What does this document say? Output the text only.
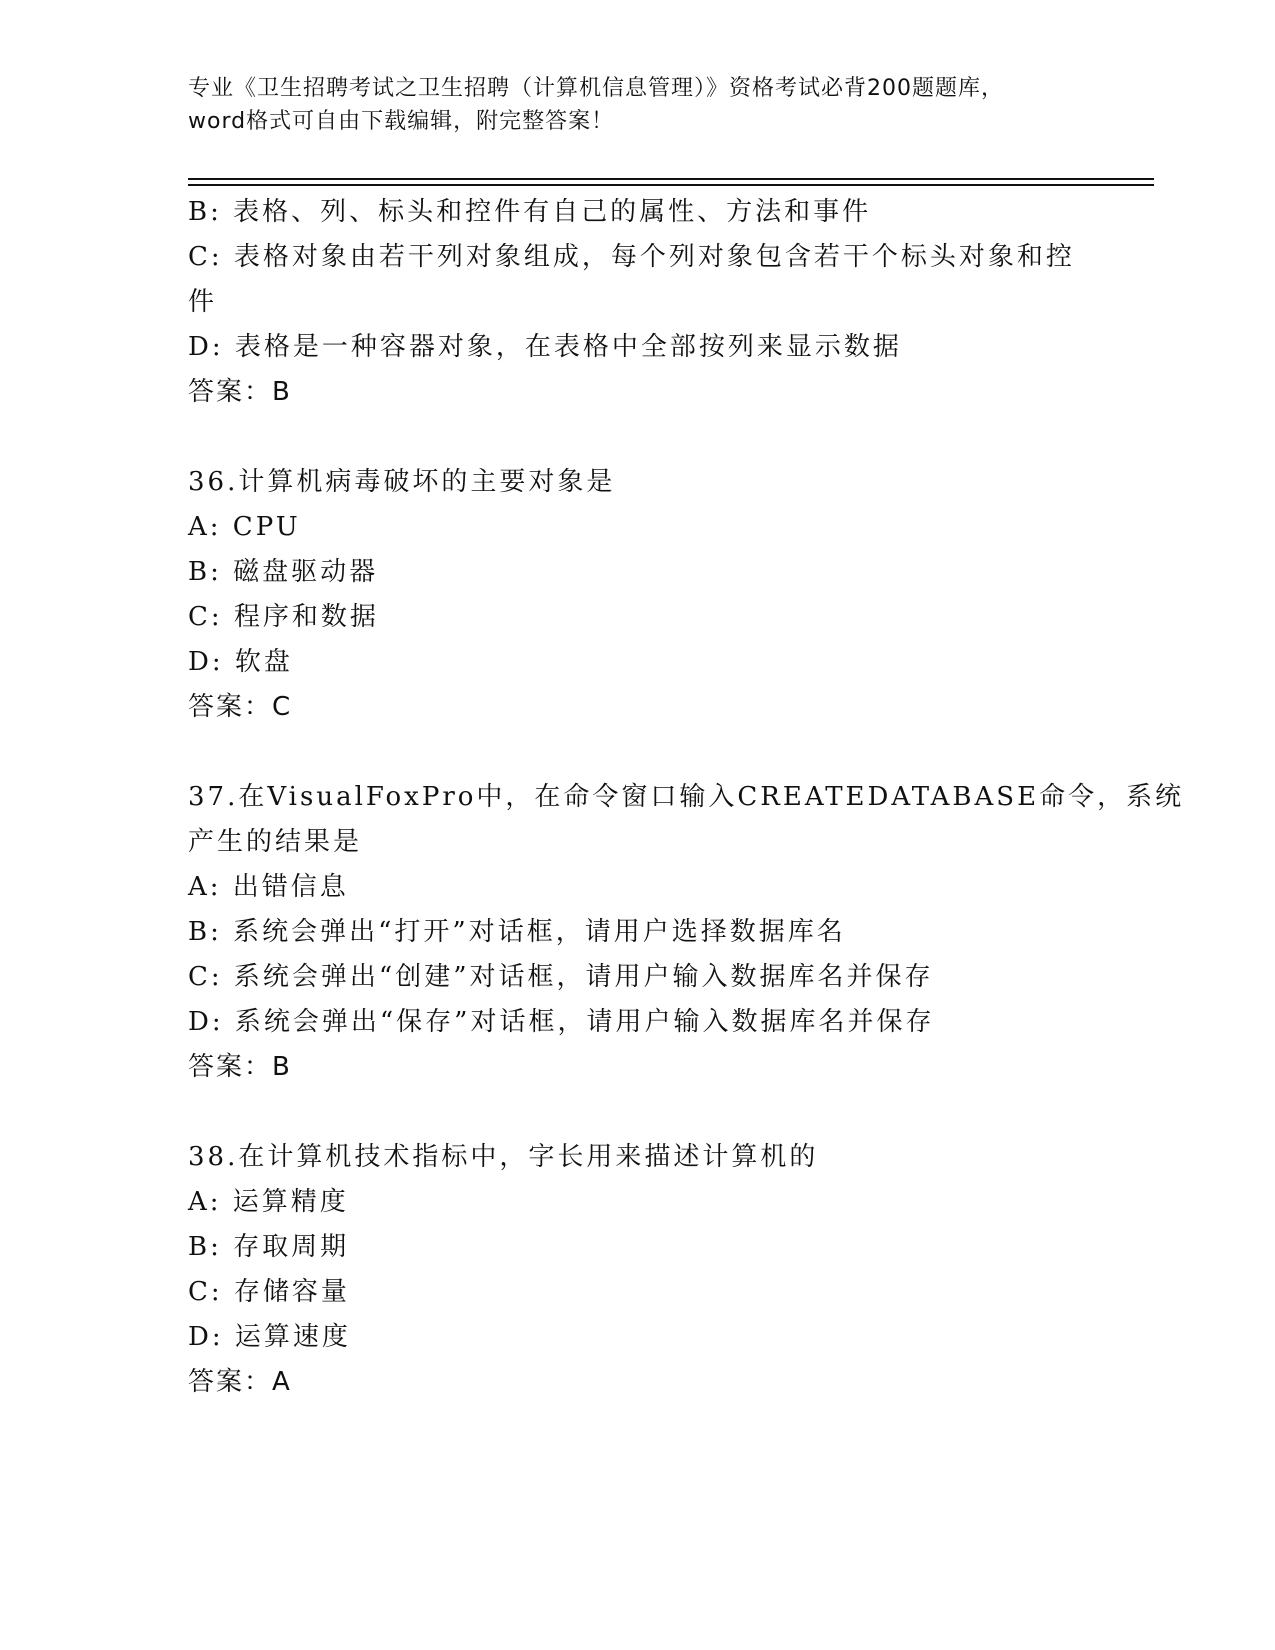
专业《卫生招聘考试之卫生招聘（计算机信息管理）》资格考试必背200题题库，
word格式可自由下载编辑，附完整答案！
B: 表格、列、标头和控件有自己的属性、方法和事件
C: 表格对象由若干列对象组成，每个列对象包含若干个标头对象和控
件
D: 表格是一种容器对象，在表格中全部按列来显示数据
答案：B
36.计算机病毒破坏的主要对象是
A: CPU
B: 磁盘驱动器
C: 程序和数据
D: 软盘
答案：C
37.在VisualFoxPro中，在命令窗口输入CREATEDATABASE命令，系统
产生的结果是
A: 出错信息
B: 系统会弹出“打开”对话框，请用户选择数据库名
C: 系统会弹出“创建”对话框，请用户输入数据库名并保存
D: 系统会弹出“保存”对话框，请用户输入数据库名并保存
答案：B
38.在计算机技术指标中，字长用来描述计算机的
A: 运算精度
B: 存取周期
C: 存储容量
D: 运算速度
答案：A
